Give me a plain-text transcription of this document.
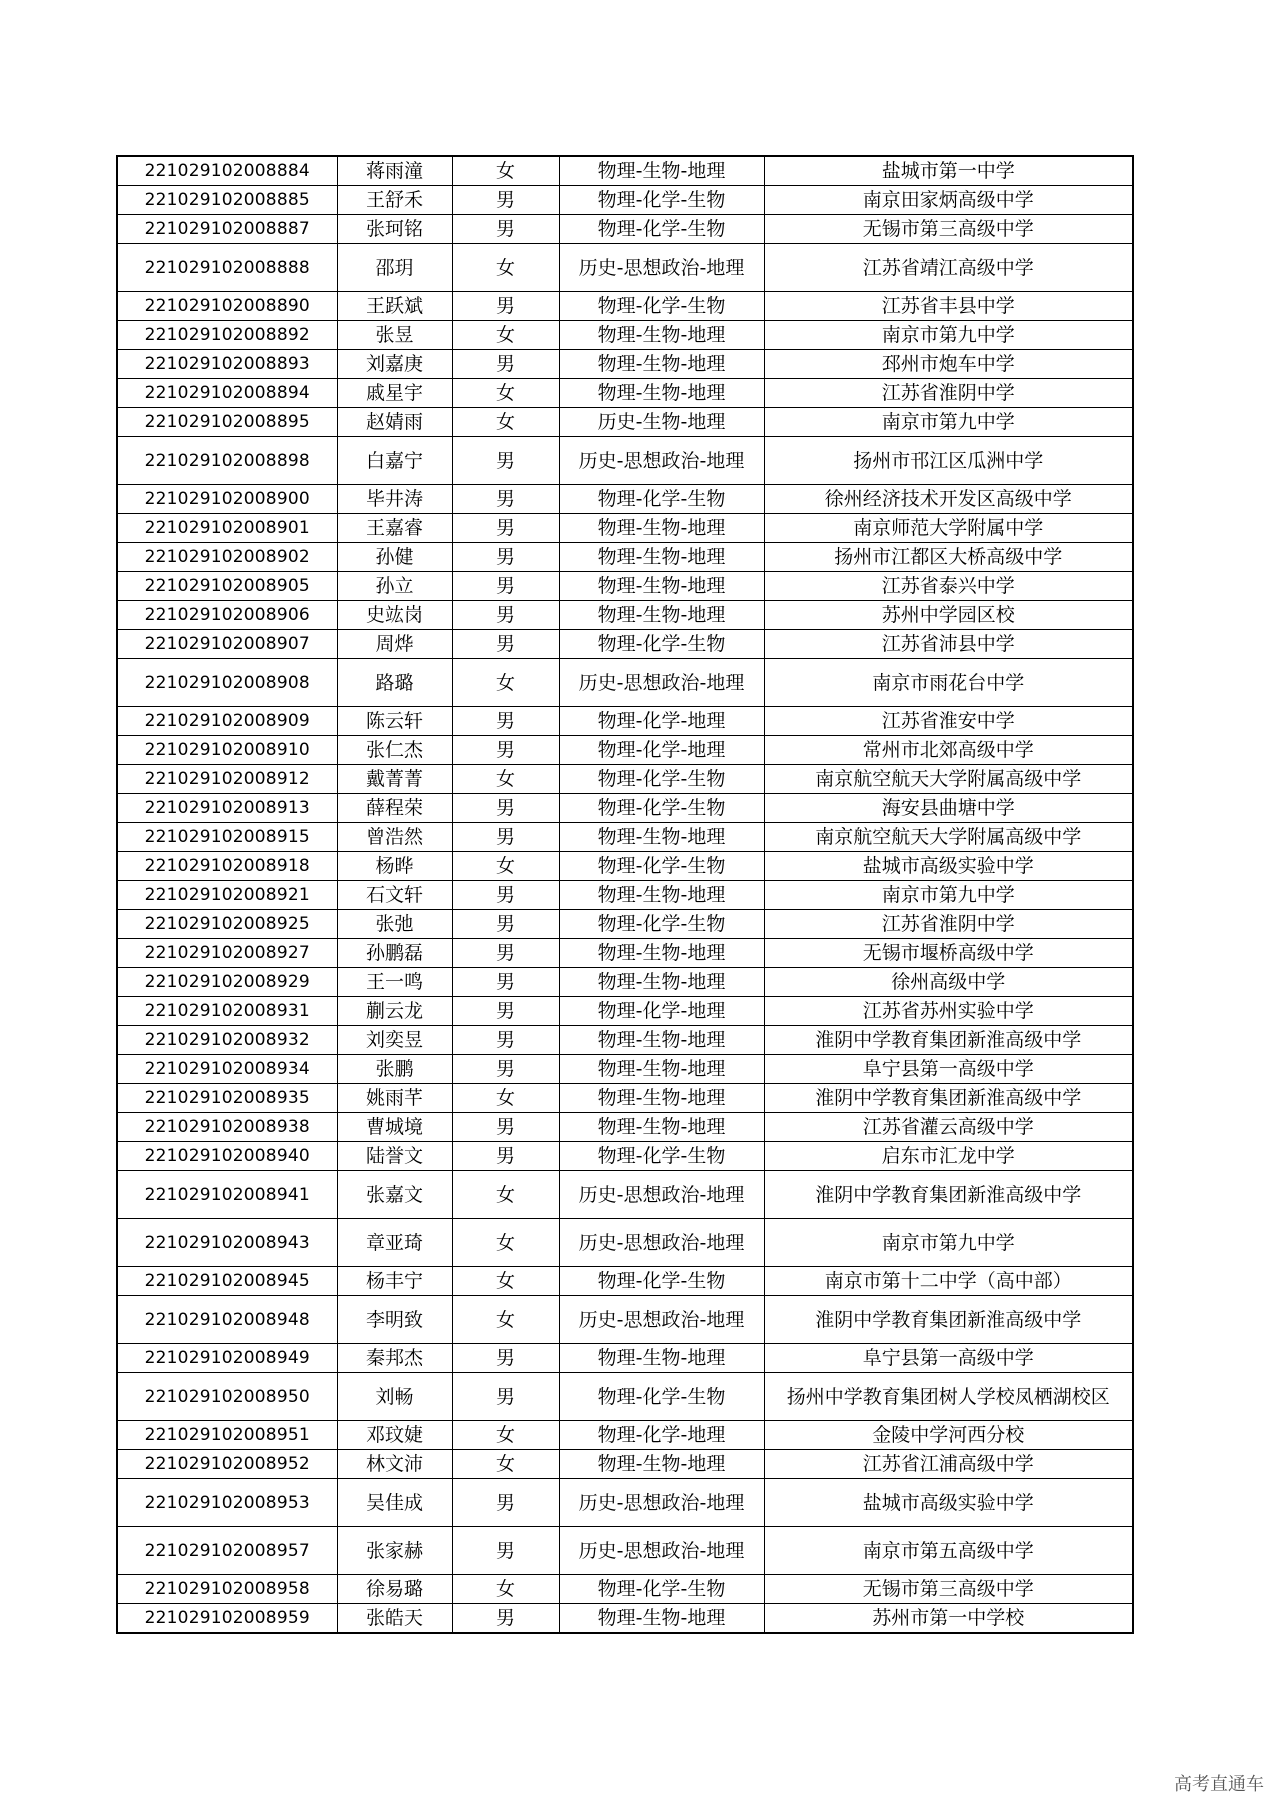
221029102008884	蒋雨潼	女	物理-生物-地理	盐城市第一中学
221029102008885	王舒禾	男	物理-化学-生物	南京田家炳高级中学
221029102008887	张珂铭	男	物理-化学-生物	无锡市第三高级中学
221029102008888	邵玥	女	历史-思想政治-地理	江苏省靖江高级中学
221029102008890	王跃斌	男	物理-化学-生物	江苏省丰县中学
221029102008892	张昱	女	物理-生物-地理	南京市第九中学
221029102008893	刘嘉庚	男	物理-生物-地理	邳州市炮车中学
221029102008894	戚星宇	女	物理-生物-地理	江苏省淮阴中学
221029102008895	赵婧雨	女	历史-生物-地理	南京市第九中学
221029102008898	白嘉宁	男	历史-思想政治-地理	扬州市邗江区瓜洲中学
221029102008900	毕井涛	男	物理-化学-生物	徐州经济技术开发区高级中学
221029102008901	王嘉睿	男	物理-生物-地理	南京师范大学附属中学
221029102008902	孙健	男	物理-生物-地理	扬州市江都区大桥高级中学
221029102008905	孙立	男	物理-生物-地理	江苏省泰兴中学
221029102008906	史竑岗	男	物理-生物-地理	苏州中学园区校
221029102008907	周烨	男	物理-化学-生物	江苏省沛县中学
221029102008908	路璐	女	历史-思想政治-地理	南京市雨花台中学
221029102008909	陈云轩	男	物理-化学-地理	江苏省淮安中学
221029102008910	张仁杰	男	物理-化学-地理	常州市北郊高级中学
221029102008912	戴菁菁	女	物理-化学-生物	南京航空航天大学附属高级中学
221029102008913	薛程荣	男	物理-化学-生物	海安县曲塘中学
221029102008915	曾浩然	男	物理-生物-地理	南京航空航天大学附属高级中学
221029102008918	杨晔	女	物理-化学-生物	盐城市高级实验中学
221029102008921	石文轩	男	物理-生物-地理	南京市第九中学
221029102008925	张弛	男	物理-化学-生物	江苏省淮阴中学
221029102008927	孙鹏磊	男	物理-生物-地理	无锡市堰桥高级中学
221029102008929	王一鸣	男	物理-生物-地理	徐州高级中学
221029102008931	蒯云龙	男	物理-化学-地理	江苏省苏州实验中学
221029102008932	刘奕昱	男	物理-生物-地理	淮阴中学教育集团新淮高级中学
221029102008934	张鹏	男	物理-生物-地理	阜宁县第一高级中学
221029102008935	姚雨芊	女	物理-生物-地理	淮阴中学教育集团新淮高级中学
221029102008938	曹城境	男	物理-生物-地理	江苏省灌云高级中学
221029102008940	陆誉文	男	物理-化学-生物	启东市汇龙中学
221029102008941	张嘉文	女	历史-思想政治-地理	淮阴中学教育集团新淮高级中学
221029102008943	章亚琦	女	历史-思想政治-地理	南京市第九中学
221029102008945	杨丰宁	女	物理-化学-生物	南京市第十二中学（高中部）
221029102008948	李明致	女	历史-思想政治-地理	淮阴中学教育集团新淮高级中学
221029102008949	秦邦杰	男	物理-生物-地理	阜宁县第一高级中学
221029102008950	刘畅	男	物理-化学-生物	扬州中学教育集团树人学校凤栖湖校区
221029102008951	邓玟婕	女	物理-化学-地理	金陵中学河西分校
221029102008952	林文沛	女	物理-生物-地理	江苏省江浦高级中学
221029102008953	吴佳成	男	历史-思想政治-地理	盐城市高级实验中学
221029102008957	张家赫	男	历史-思想政治-地理	南京市第五高级中学
221029102008958	徐易璐	女	物理-化学-生物	无锡市第三高级中学
221029102008959	张皓天	男	物理-生物-地理	苏州市第一中学校
高考直通车
